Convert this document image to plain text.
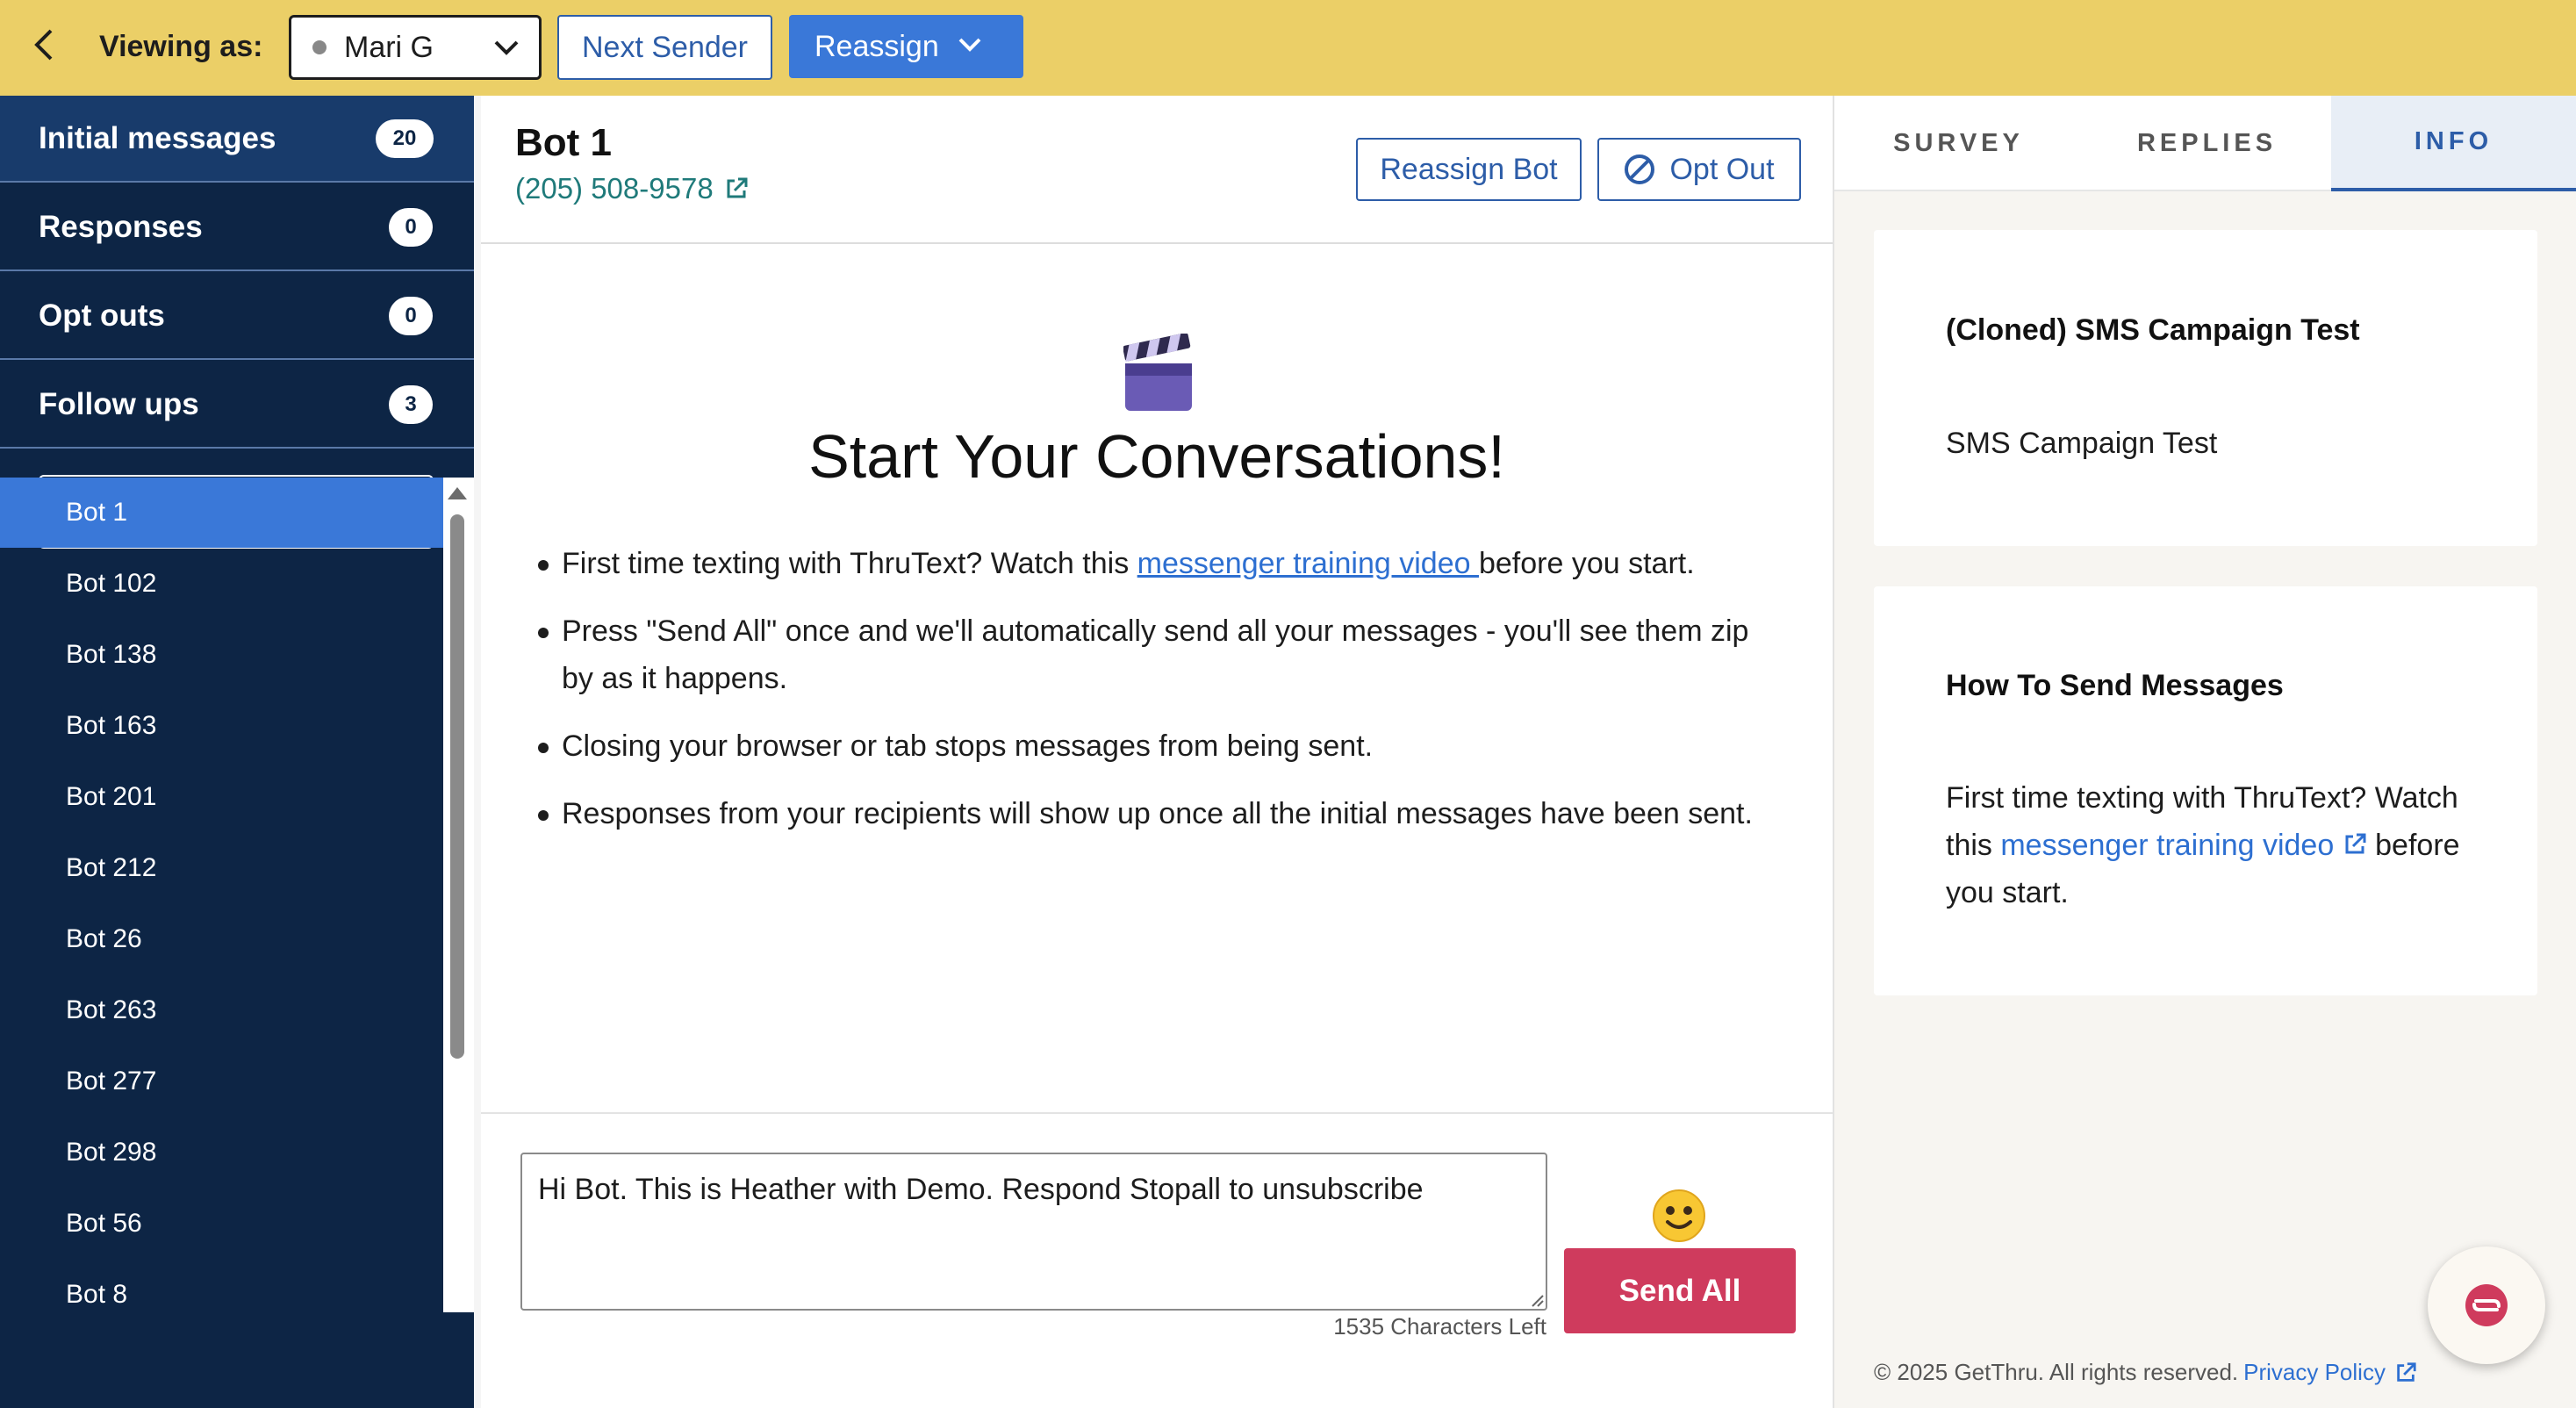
Viewing as:	Mari G	Next Sender	Reassign
Initial messages	20
Responses	0
Opt outs	0
Follow ups	3
Search
Bot 1
Bot 102
Bot 138
Bot 163
Bot 201
Bot 212
Bot 26
Bot 263
Bot 277
Bot 298
Bot 56
Bot 8
Bot 1
(205) 508-9578
Reassign Bot	Opt Out
Start Your Conversations!
First time texting with ThruText? Watch this messenger training video before you start.
Press "Send All" once and we'll automatically send all your messages - you'll see them zip by as it happens.
Closing your browser or tab stops messages from being sent.
Responses from your recipients will show up once all the initial messages have been sent.
Hi Bot. This is Heather with Demo. Respond Stopall to unsubscribe
1535 Characters Left
Send All
SURVEY	REPLIES	INFO
(Cloned) SMS Campaign Test
SMS Campaign Test
How To Send Messages
First time texting with ThruText? Watch
this messenger training video  before
you start.
© 2025 GetThru. All rights reserved. Privacy Policy
